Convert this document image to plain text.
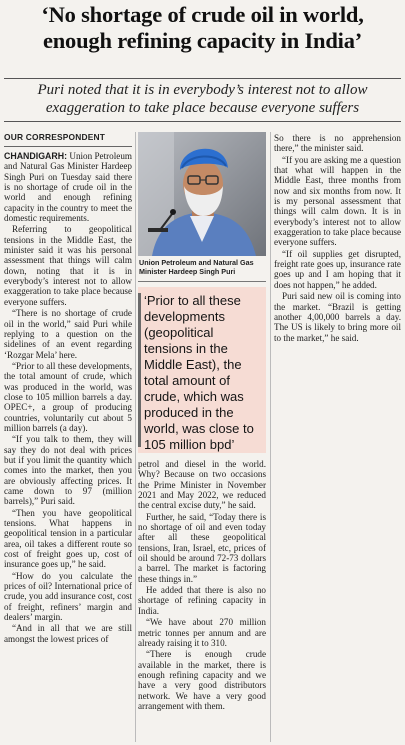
‘No shortage of crude oil in world,
enough refining capacity in India’
Puri noted that it is in everybody’s interest not to allow
exaggeration to take place because everyone suffers
OUR CORRESPONDENT

CHANDIGARH: Union Petroleum and Natural Gas Minister Hardeep Singh Puri on Tuesday said there is no shortage of crude oil in the world and enough refining capacity in the country to meet the domestic requirements.

Referring to geopolitical tensions in the Middle East, the minister said it was his personal assessment that things will calm down, noting that it is in everybody’s interest not to allow exaggeration to take place because everyone suffers.

“There is no shortage of crude oil in the world,” said Puri while replying to a question on the sidelines of an event regarding ‘Rozgar Mela’ here.

“Prior to all these developments, the total amount of crude, which was produced in the world, was close to 105 million barrels a day. OPEC+, a group of producing countries, voluntarily cut about 5 million barrels (a day).

“If you talk to them, they will say they do not deal with prices but if you limit the quantity which comes into the market, then you are obviously affecting prices. It came down to 97 (million barrels),” Puri said.

“Then you have geopolitical tensions. What happens in geopolitical tension in a particular area, oil takes a different route so cost of freight goes up, cost of insurance goes up,” he said.

“How do you calculate the prices of oil? International price of crude, you add insurance cost, cost of freight, refiners’ margin and dealers’ margin.

“And in all that we are still amongst the lowest prices of

Union Petroleum and Natural Gas Minister Hardeep Singh Puri

‘Prior to all these developments (geopolitical tensions in the Middle East), the total amount of crude, which was produced in the world, was close to 105 million bpd’

petrol and diesel in the world. Why? Because on two occasions the Prime Minister in November 2021 and May 2022, we reduced the central excise duty,” he said.

Further, he said, “Today there is no shortage of oil and even today after all these geopolitical tensions, Iran, Israel, etc, prices of oil should be around 72-73 dollars a barrel. The market is factoring these things in.”

He added that there is also no shortage of refining capacity in India.

“We have about 270 million metric tonnes per annum and are already raising it to 310.

“There is enough crude available in the market, there is enough refining capacity and we have a very good distributors network. We have a very good arrangement with them.

So there is no apprehension there,” the minister said.

“If you are asking me a question that what will happen in the Middle East, three months from now and six months from now. It is my personal assessment that things will calm down. It is in everybody’s interest not to allow exaggeration to take place because everyone suffers.

“If oil supplies get disrupted, freight rate goes up, insurance rate goes up and I am hoping that it does not happen,” he added.

Puri said new oil is coming into the market. “Brazil is getting another 4,00,000 barrels a day. The US is likely to bring more oil to the market,” he said.
